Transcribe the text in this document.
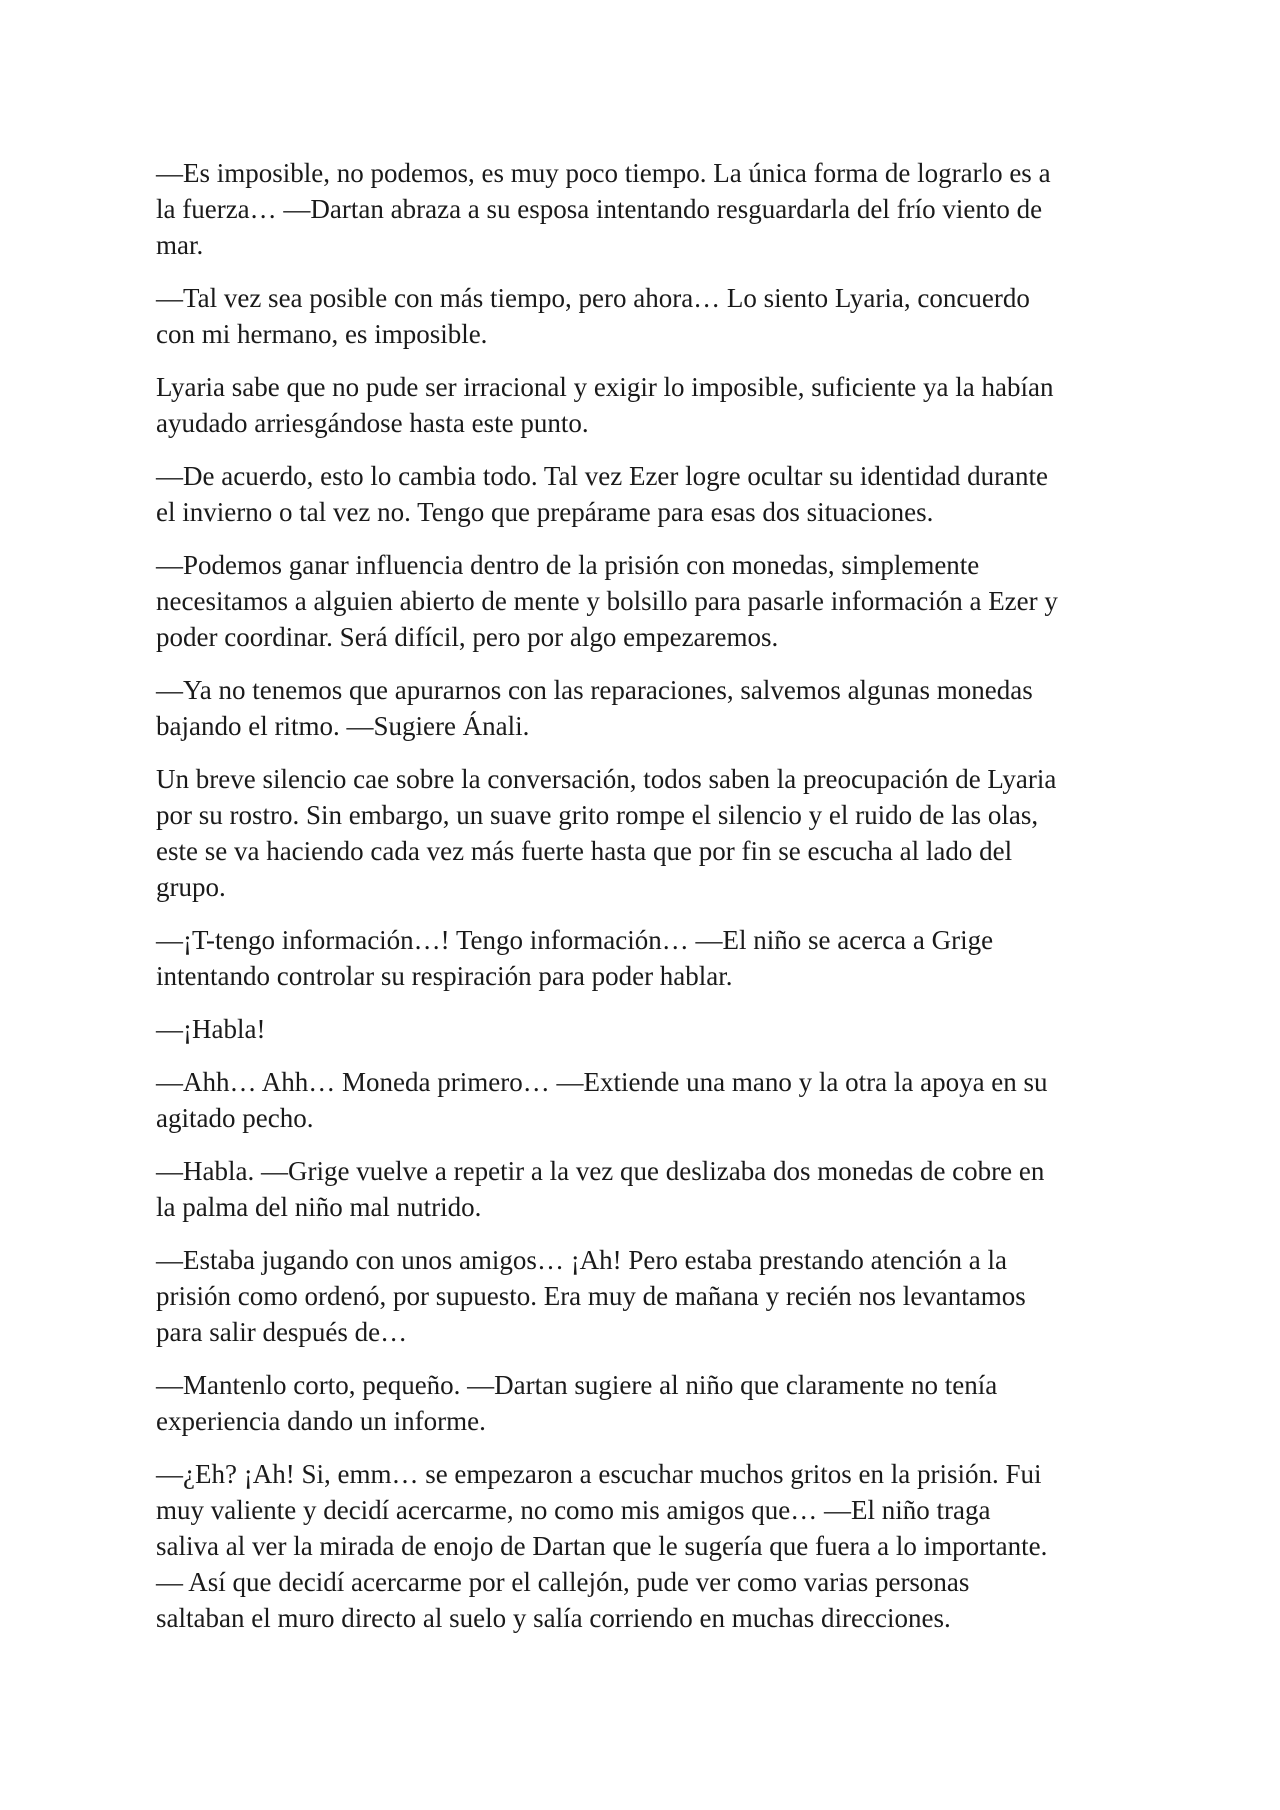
—Es imposible, no podemos, es muy poco tiempo. La única forma de lograrlo es a
la fuerza… —Dartan abraza a su esposa intentando resguardarla del frío viento de
mar.

—Tal vez sea posible con más tiempo, pero ahora… Lo siento Lyaria, concuerdo
con mi hermano, es imposible.

Lyaria sabe que no pude ser irracional y exigir lo imposible, suficiente ya la habían
ayudado arriesgándose hasta este punto.

—De acuerdo, esto lo cambia todo. Tal vez Ezer logre ocultar su identidad durante
el invierno o tal vez no. Tengo que prepárame para esas dos situaciones.

—Podemos ganar influencia dentro de la prisión con monedas, simplemente
necesitamos a alguien abierto de mente y bolsillo para pasarle información a Ezer y
poder coordinar. Será difícil, pero por algo empezaremos.

—Ya no tenemos que apurarnos con las reparaciones, salvemos algunas monedas
bajando el ritmo. —Sugiere Ánali.

Un breve silencio cae sobre la conversación, todos saben la preocupación de Lyaria
por su rostro. Sin embargo, un suave grito rompe el silencio y el ruido de las olas,
este se va haciendo cada vez más fuerte hasta que por fin se escucha al lado del
grupo.

—¡T-tengo información…! Tengo información… —El niño se acerca a Grige
intentando controlar su respiración para poder hablar.

—¡Habla!

—Ahh… Ahh… Moneda primero… —Extiende una mano y la otra la apoya en su
agitado pecho.

—Habla. —Grige vuelve a repetir a la vez que deslizaba dos monedas de cobre en
la palma del niño mal nutrido.

—Estaba jugando con unos amigos… ¡Ah! Pero estaba prestando atención a la
prisión como ordenó, por supuesto. Era muy de mañana y recién nos levantamos
para salir después de…

—Mantenlo corto, pequeño. —Dartan sugiere al niño que claramente no tenía
experiencia dando un informe.

—¿Eh? ¡Ah! Si, emm… se empezaron a escuchar muchos gritos en la prisión. Fui
muy valiente y decidí acercarme, no como mis amigos que… —El niño traga
saliva al ver la mirada de enojo de Dartan que le sugería que fuera a lo importante.
— Así que decidí acercarme por el callejón, pude ver como varias personas
saltaban el muro directo al suelo y salía corriendo en muchas direcciones.
